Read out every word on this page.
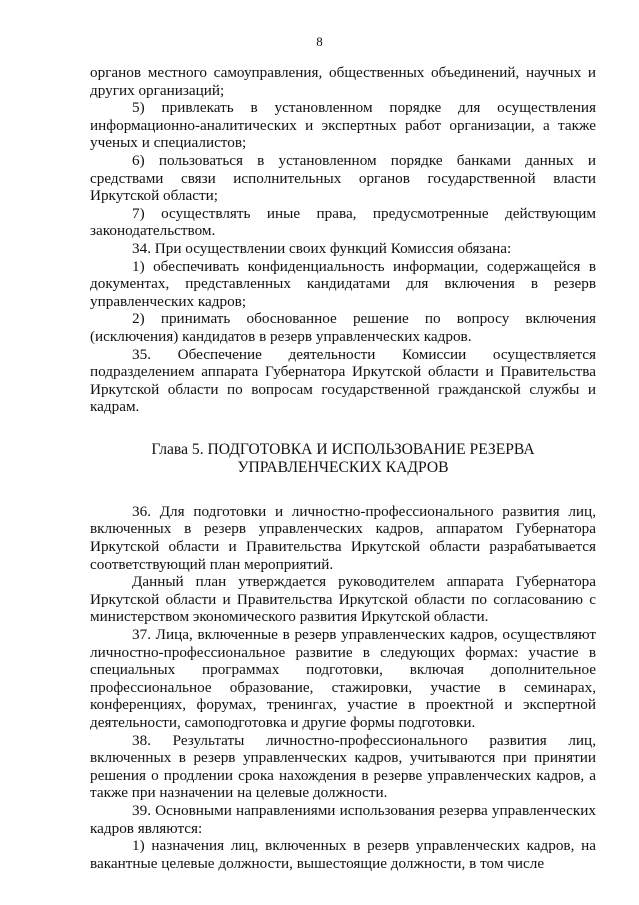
8

органов местного самоуправления, общественных объединений, научных и других организаций;

5) привлекать в установленном порядке для осуществления информационно-аналитических и экспертных работ организации, а также ученых и специалистов;

6) пользоваться в установленном порядке банками данных и средствами связи исполнительных органов государственной власти Иркутской области;

7) осуществлять иные права, предусмотренные действующим законодательством.

34. При осуществлении своих функций Комиссия обязана:

1) обеспечивать конфиденциальность информации, содержащейся в документах, представленных кандидатами для включения в резерв управленческих кадров;

2) принимать обоснованное решение по вопросу включения (исключения) кандидатов в резерв управленческих кадров.

35. Обеспечение деятельности Комиссии осуществляется подразделением аппарата Губернатора Иркутской области и Правительства Иркутской области по вопросам государственной гражданской службы и кадрам.

Глава 5. ПОДГОТОВКА И ИСПОЛЬЗОВАНИЕ РЕЗЕРВА
УПРАВЛЕНЧЕСКИХ КАДРОВ

36. Для подготовки и личностно-профессионального развития лиц, включенных в резерв управленческих кадров, аппаратом Губернатора Иркутской области и Правительства Иркутской области разрабатывается соответствующий план мероприятий.

Данный план утверждается руководителем аппарата Губернатора Иркутской области и Правительства Иркутской области по согласованию с министерством экономического развития Иркутской области.

37. Лица, включенные в резерв управленческих кадров, осуществляют личностно-профессиональное развитие в следующих формах: участие в специальных программах подготовки, включая дополнительное профессиональное образование, стажировки, участие в семинарах, конференциях, форумах, тренингах, участие в проектной и экспертной деятельности, самоподготовка и другие формы подготовки.

38. Результаты личностно-профессионального развития лиц, включенных в резерв управленческих кадров, учитываются при принятии решения о продлении срока нахождения в резерве управленческих кадров, а также при назначении на целевые должности.

39. Основными направлениями использования резерва управленческих кадров являются:

1) назначения лиц, включенных в резерв управленческих кадров, на вакантные целевые должности, вышестоящие должности, в том числе
